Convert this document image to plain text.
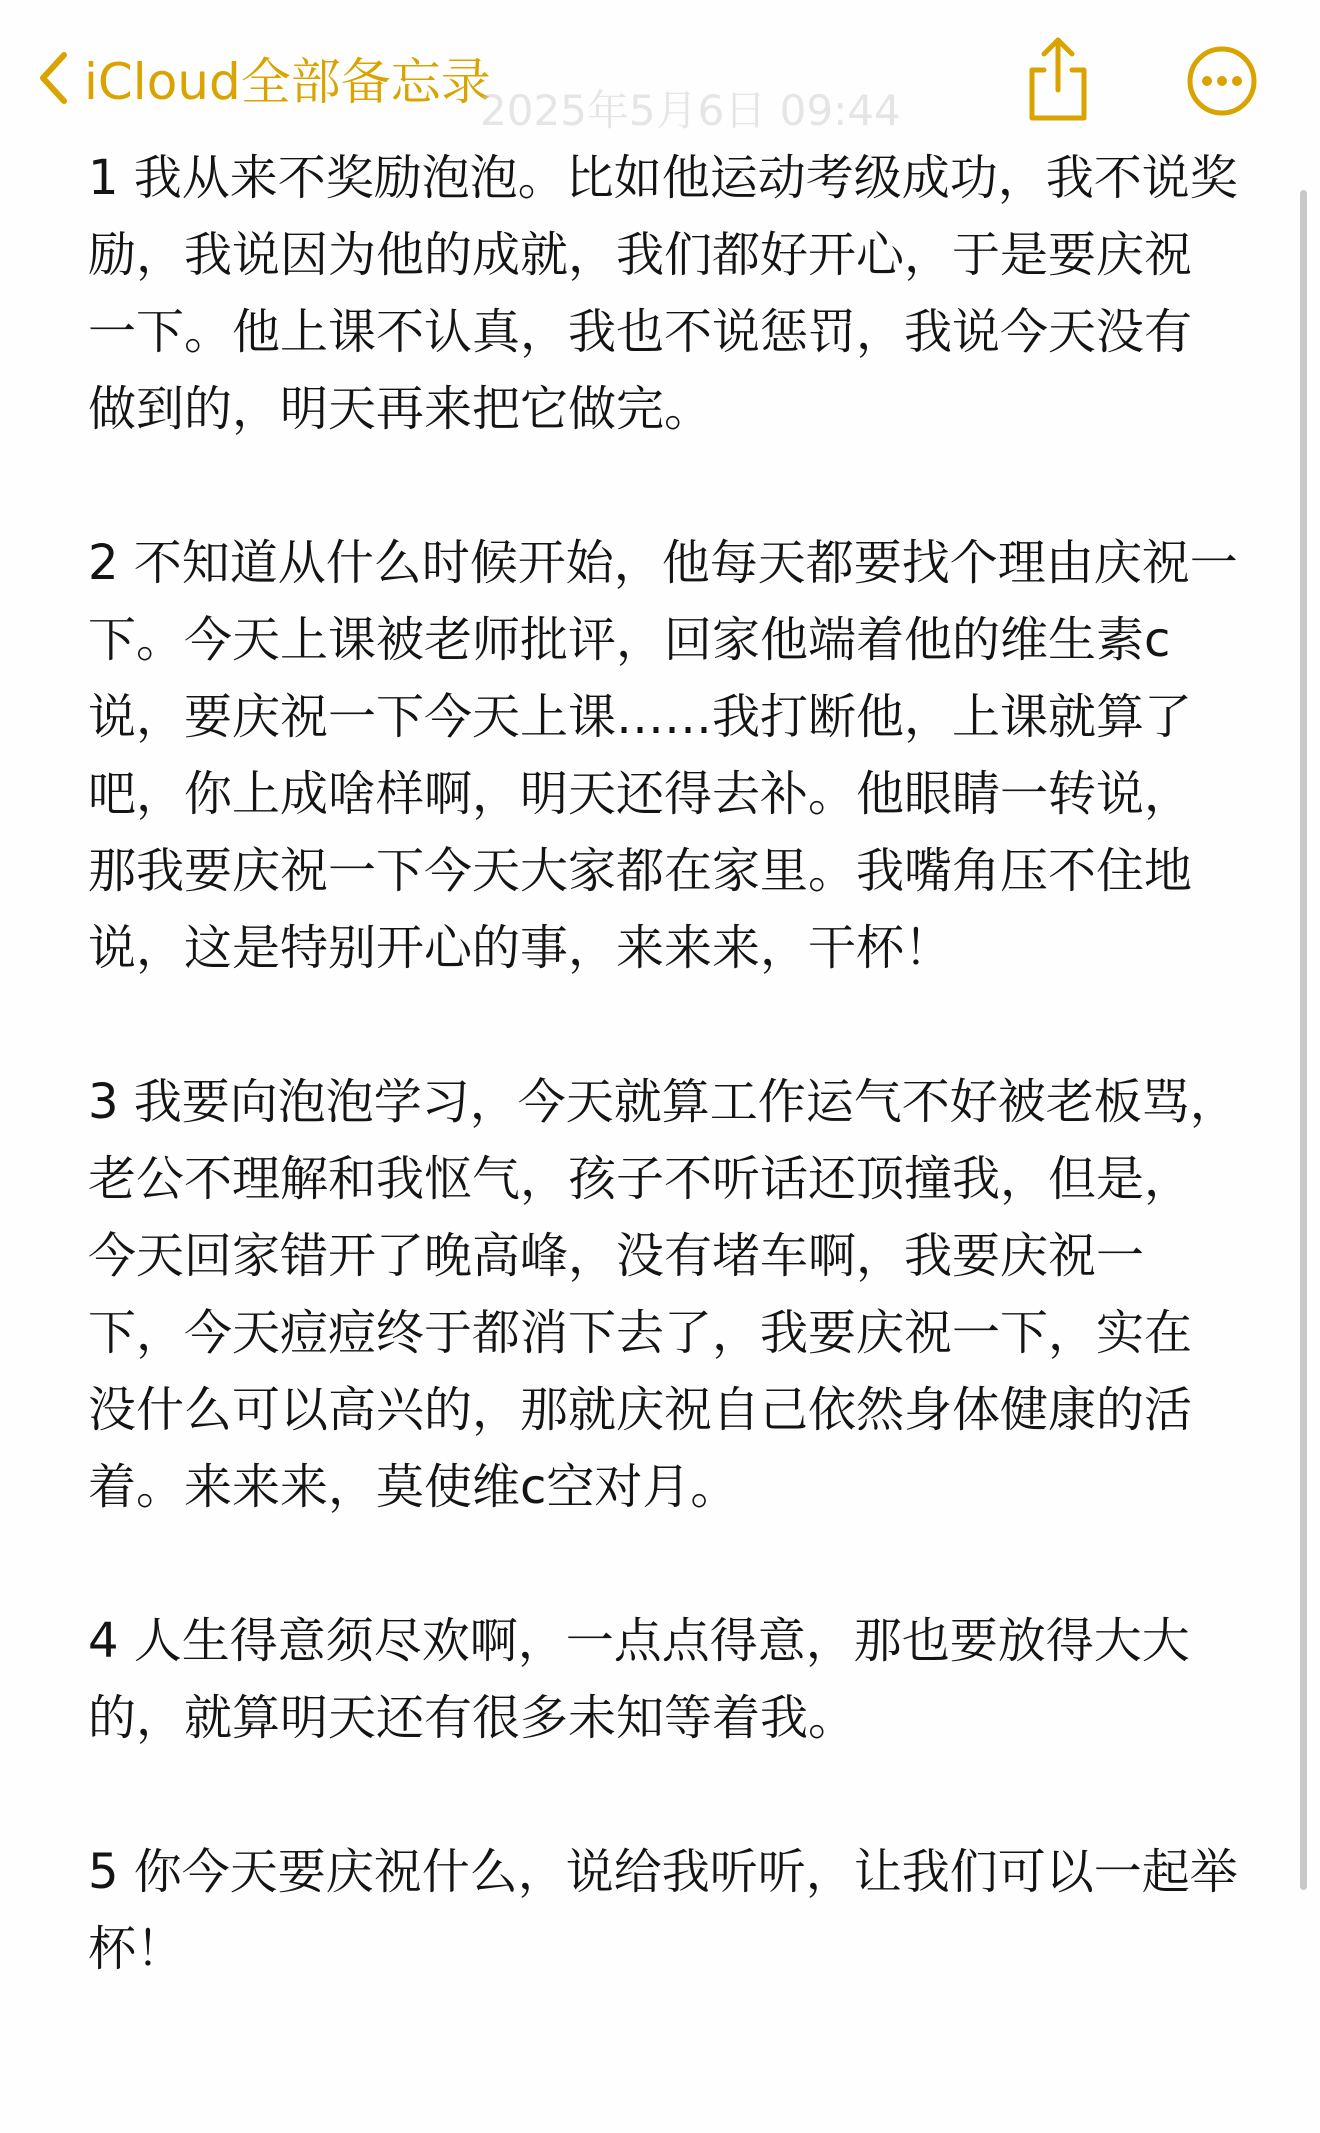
iCloud全部备忘录
2025年5月6日 09:44

1 我从来不奖励泡泡。比如他运动考级成功，我不说奖励，我说因为他的成就，我们都好开心，于是要庆祝一下。他上课不认真，我也不说惩罚，我说今天没有做到的，明天再来把它做完。

2 不知道从什么时候开始，他每天都要找个理由庆祝一下。今天上课被老师批评，回家他端着他的维生素c说，要庆祝一下今天上课……我打断他，上课就算了吧，你上成啥样啊，明天还得去补。他眼睛一转说，那我要庆祝一下今天大家都在家里。我嘴角压不住地说，这是特别开心的事，来来来，干杯！

3 我要向泡泡学习，今天就算工作运气不好被老板骂，老公不理解和我怄气，孩子不听话还顶撞我，但是，今天回家错开了晚高峰，没有堵车啊，我要庆祝一下，今天痘痘终于都消下去了，我要庆祝一下，实在没什么可以高兴的，那就庆祝自己依然身体健康的活着。来来来，莫使维c空对月。

4 人生得意须尽欢啊，一点点得意，那也要放得大大的，就算明天还有很多未知等着我。

5 你今天要庆祝什么，说给我听听，让我们可以一起举杯！
